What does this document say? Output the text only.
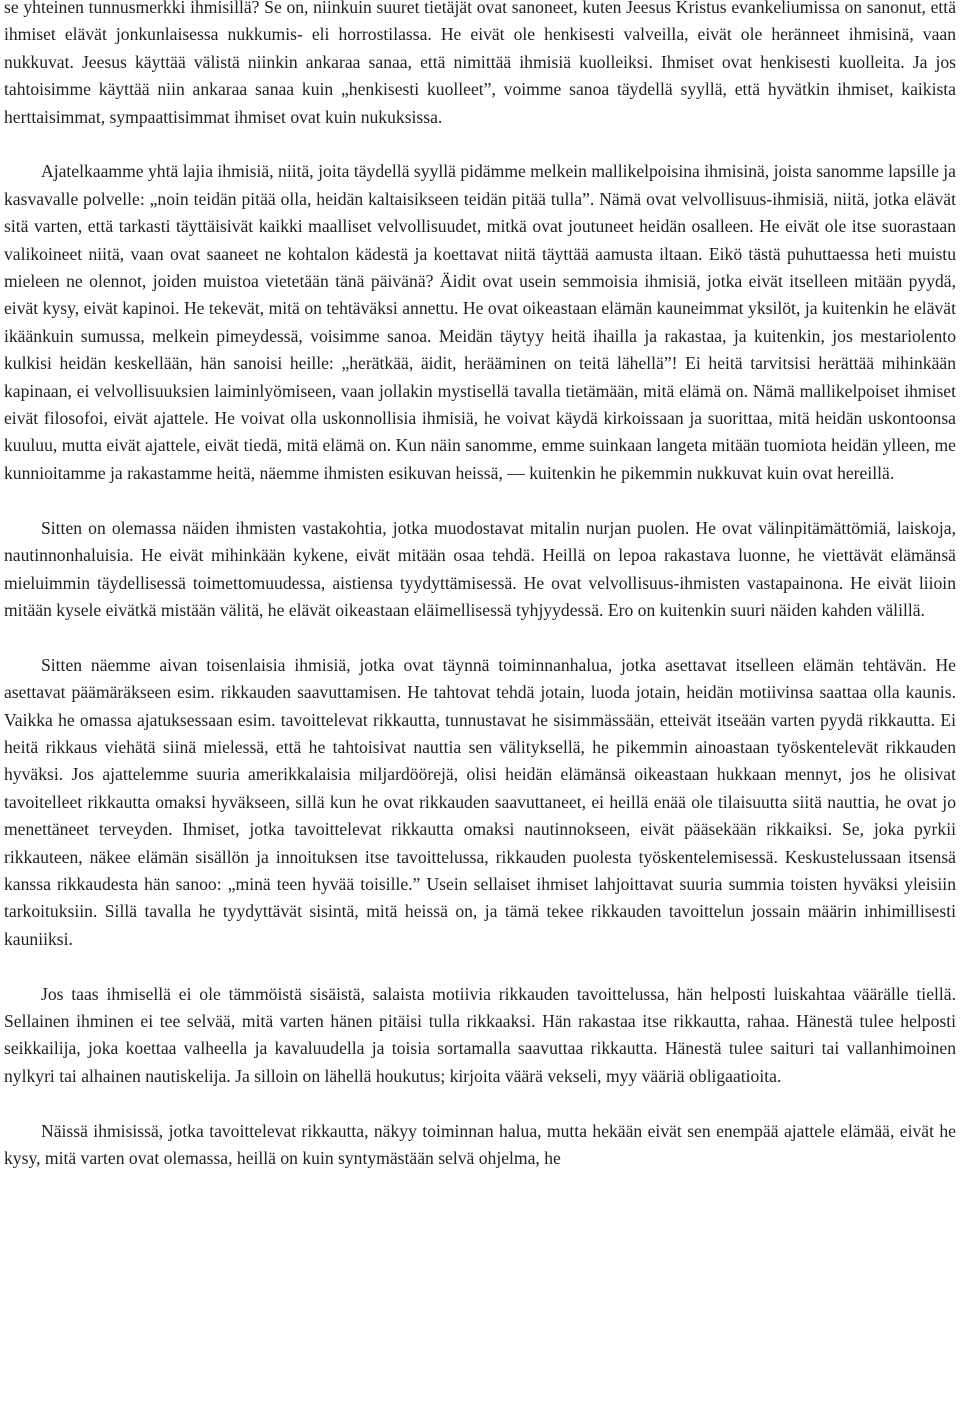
se yhteinen tunnusmerkki ihmisillä? Se on, niinkuin suuret tietäjät ovat sanoneet, kuten Jeesus Kristus evankeliumissa on sanonut, että ihmiset elävät jonkunlaisessa nukkumis- eli horrostilassa. He eivät ole henkisesti valveilla, eivät ole heränneet ihmisinä, vaan nukkuvat. Jeesus käyttää välistä niinkin ankaraa sanaa, että nimittää ihmisiä kuolleiksi. Ihmiset ovat henkisesti kuolleita. Ja jos tahtoisimme käyttää niin ankaraa sanaa kuin „henkisesti kuolleet”, voimme sanoa täydellä syyllä, että hyvätkin ihmiset, kaikista herttaisimmat, sympaattisimmat ihmiset ovat kuin nukuksissa.

Ajatelkaamme yhtä lajia ihmisiä, niitä, joita täydellä syyllä pidämme melkein mallikelpoisina ihmisinä, joista sanomme lapsille ja kasvavalle polvelle: „noin teidän pitää olla, heidän kaltaisikseen teidän pitää tulla”. Nämä ovat velvollisuus-ihmisiä, niitä, jotka elävät sitä varten, että tarkasti täyttäisivät kaikki maalliset velvollisuudet, mitkä ovat joutuneet heidän osalleen. He eivät ole itse suorastaan valikoineet niitä, vaan ovat saaneet ne kohtalon kädestä ja koettavat niitä täyttää aamusta iltaan. Eikö tästä puhuttaessa heti muistu mieleen ne olennot, joiden muistoa vietetään tänä päivänä? Äidit ovat usein semmoisia ihmisiä, jotka eivät itselleen mitään pyydä, eivät kysy, eivät kapinoi. He tekevät, mitä on tehtäväksi annettu. He ovat oikeastaan elämän kauneimmat yksilöt, ja kuitenkin he elävät ikäänkuin sumussa, melkein pimeydessä, voisimme sanoa. Meidän täytyy heitä ihailla ja rakastaa, ja kuitenkin, jos mestariolento kulkisi heidän keskellään, hän sanoisi heille: „herätkää, äidit, herääminen on teitä lähellä”! Ei heitä tarvitsisi herättää mihinkään kapinaan, ei velvollisuuksien laiminlyömiseen, vaan jollakin mystisellä tavalla tietämään, mitä elämä on. Nämä mallikelpoiset ihmiset eivät filosofoi, eivät ajattele. He voivat olla uskonnollisia ihmisiä, he voivat käydä kirkoissaan ja suorittaa, mitä heidän uskontoonsa kuuluu, mutta eivät ajattele, eivät tiedä, mitä elämä on. Kun näin sanomme, emme suinkaan langeta mitään tuomiota heidän ylleen, me kunnioitamme ja rakastamme heitä, näemme ihmisten esikuvan heissä, — kuitenkin he pikemmin nukkuvat kuin ovat hereillä.

Sitten on olemassa näiden ihmisten vastakohtia, jotka muodostavat mitalin nurjan puolen. He ovat välinpitämättömiä, laiskoja, nautinnonhaluisia. He eivät mihinkään kykene, eivät mitään osaa tehdä. Heillä on lepoa rakastava luonne, he viettävät elämänsä mieluimmin täydellisessä toimettomuudessa, aistiensa tyydyttämisessä. He ovat velvollisuus-ihmisten vastapainona. He eivät liioin mitään kysele eivätkä mistään välitä, he elävät oikeastaan eläimellisessä tyhjyydessä. Ero on kuitenkin suuri näiden kahden välillä.

Sitten näemme aivan toisenlaisia ihmisiä, jotka ovat täynnä toiminnanhalua, jotka asettavat itselleen elämän tehtävän. He asettavat päämäräkseen esim. rikkauden saavuttamisen. He tahtovat tehdä jotain, luoda jotain, heidän motiivinsa saattaa olla kaunis. Vaikka he omassa ajatuksessaan esim. tavoittelevat rikkautta, tunnustavat he sisimmässään, etteivät itseään varten pyydä rikkautta. Ei heitä rikkaus viehätä siinä mielessä, että he tahtoisivat nauttia sen välityksellä, he pikemmin ainoastaan työskentelevät rikkauden hyväksi. Jos ajattelemme suuria amerikkalaisia miljardöörejä, olisi heidän elämänsä oikeastaan hukkaan mennyt, jos he olisivat tavoitelleet rikkautta omaksi hyväkseen, sillä kun he ovat rikkauden saavuttaneet, ei heillä enää ole tilaisuutta siitä nauttia, he ovat jo menettäneet terveyden. Ihmiset, jotka tavoittelevat rikkautta omaksi nautinnokseen, eivät pääsekään rikkaiksi. Se, joka pyrkii rikkauteen, näkee elämän sisällön ja innoituksen itse tavoittelussa, rikkauden puolesta työskentelemisessä. Keskustelussaan itsensä kanssa rikkaudesta hän sanoo: „minä teen hyvää toisille.” Usein sellaiset ihmiset lahjoittavat suuria summia toisten hyväksi yleisiin tarkoituksiin. Sillä tavalla he tyydyttävät sisintä, mitä heissä on, ja tämä tekee rikkauden tavoittelun jossain määrin inhimillisesti kauniiksi.

Jos taas ihmisellä ei ole tämmöistä sisäistä, salaista motiivia rikkauden tavoittelussa, hän helposti luiskahtaa väärälle tiellä. Sellainen ihminen ei tee selvää, mitä varten hänen pitäisi tulla rikkaaksi. Hän rakastaa itse rikkautta, rahaa. Hänestä tulee helposti seikkailija, joka koettaa valheella ja kavaluudella ja toisia sortamalla saavuttaa rikkautta. Hänestä tulee saituri tai vallanhimoinen nylkyri tai alhainen nautiskelija. Ja silloin on lähellä houkutus; kirjoita väärä vekseli, myy vääriä obligaatioita.

Näissä ihmisissä, jotka tavoittelevat rikkautta, näkyy toiminnan halua, mutta hekään eivät sen enempää ajattele elämää, eivät he kysy, mitä varten ovat olemassa, heillä on kuin syntymästään selvä ohjelma, he
